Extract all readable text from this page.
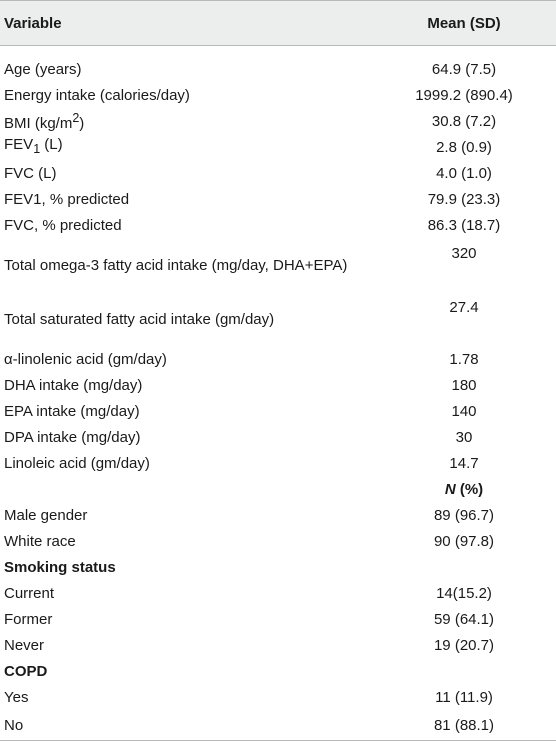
Variable	Mean (SD)
Age (years)	64.9 (7.5)
Energy intake (calories/day)	1999.2 (890.4)
BMI $(kg/m^2)$	30.8 (7.2)
$FEV_1$ (L)	2.8 (0.9)
FVC (L)	4.0 (1.0)
FEV1, % predicted	79.9 (23.3)
FVC, % predicted	86.3 (18.7)
Total omega-3 fatty acid intake (mg/day, DHA+EPA)	320
Total saturated fatty acid intake (gm/day)	27.4
α-linolenic acid (gm/day)	1.78
DHA intake (mg/day)	180
EPA intake (mg/day)	140
DPA intake (mg/day)	30
Linoleic acid (gm/day)	14.7
	N (%)
Male gender	89 (96.7)
White race	90 (97.8)
Smoking status	
Current	14(15.2)
Former	59 (64.1)
Never	19 (20.7)
COPD	
Yes	11 (11.9)
No	81 (88.1)
